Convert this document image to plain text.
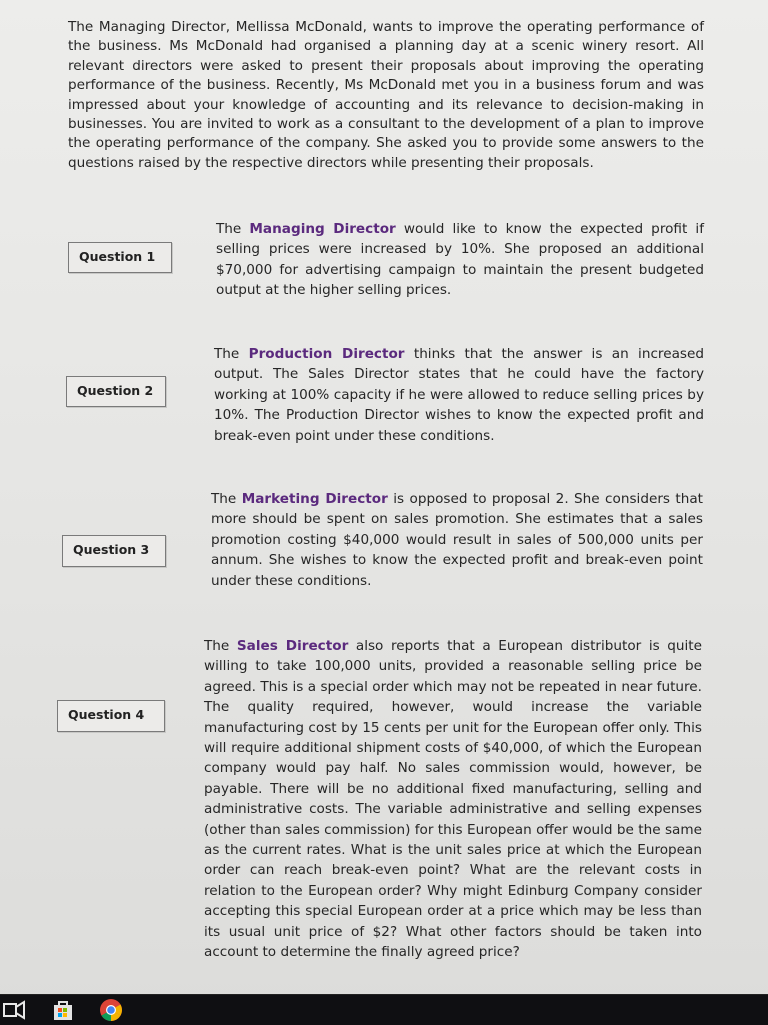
The Managing Director, Mellissa McDonald, wants to improve the operating performance of the business. Ms McDonald had organised a planning day at a scenic winery resort. All relevant directors were asked to present their proposals about improving the operating performance of the business. Recently, Ms McDonald met you in a business forum and was impressed about your knowledge of accounting and its relevance to decision-making in businesses. You are invited to work as a consultant to the development of a plan to improve the operating performance of the company. She asked you to provide some answers to the questions raised by the respective directors while presenting their proposals.

Question 1

The Managing Director would like to know the expected profit if selling prices were increased by 10%. She proposed an additional $70,000 for advertising campaign to maintain the present budgeted output at the higher selling prices.

Question 2

The Production Director thinks that the answer is an increased output. The Sales Director states that he could have the factory working at 100% capacity if he were allowed to reduce selling prices by 10%. The Production Director wishes to know the expected profit and break-even point under these conditions.

Question 3

The Marketing Director is opposed to proposal 2. She considers that more should be spent on sales promotion. She estimates that a sales promotion costing $40,000 would result in sales of 500,000 units per annum. She wishes to know the expected profit and break-even point under these conditions.

Question 4

The Sales Director also reports that a European distributor is quite willing to take 100,000 units, provided a reasonable selling price be agreed. This is a special order which may not be repeated in near future. The quality required, however, would increase the variable manufacturing cost by 15 cents per unit for the European offer only. This will require additional shipment costs of $40,000, of which the European company would pay half. No sales commission would, however, be payable. There will be no additional fixed manufacturing, selling and administrative costs. The variable administrative and selling expenses (other than sales commission) for this European offer would be the same as the current rates. What is the unit sales price at which the European order can reach break-even point? What are the relevant costs in relation to the European order? Why might Edinburg Company consider accepting this special European order at a price which may be less than its usual unit price of $2? What other factors should be taken into account to determine the finally agreed price?
